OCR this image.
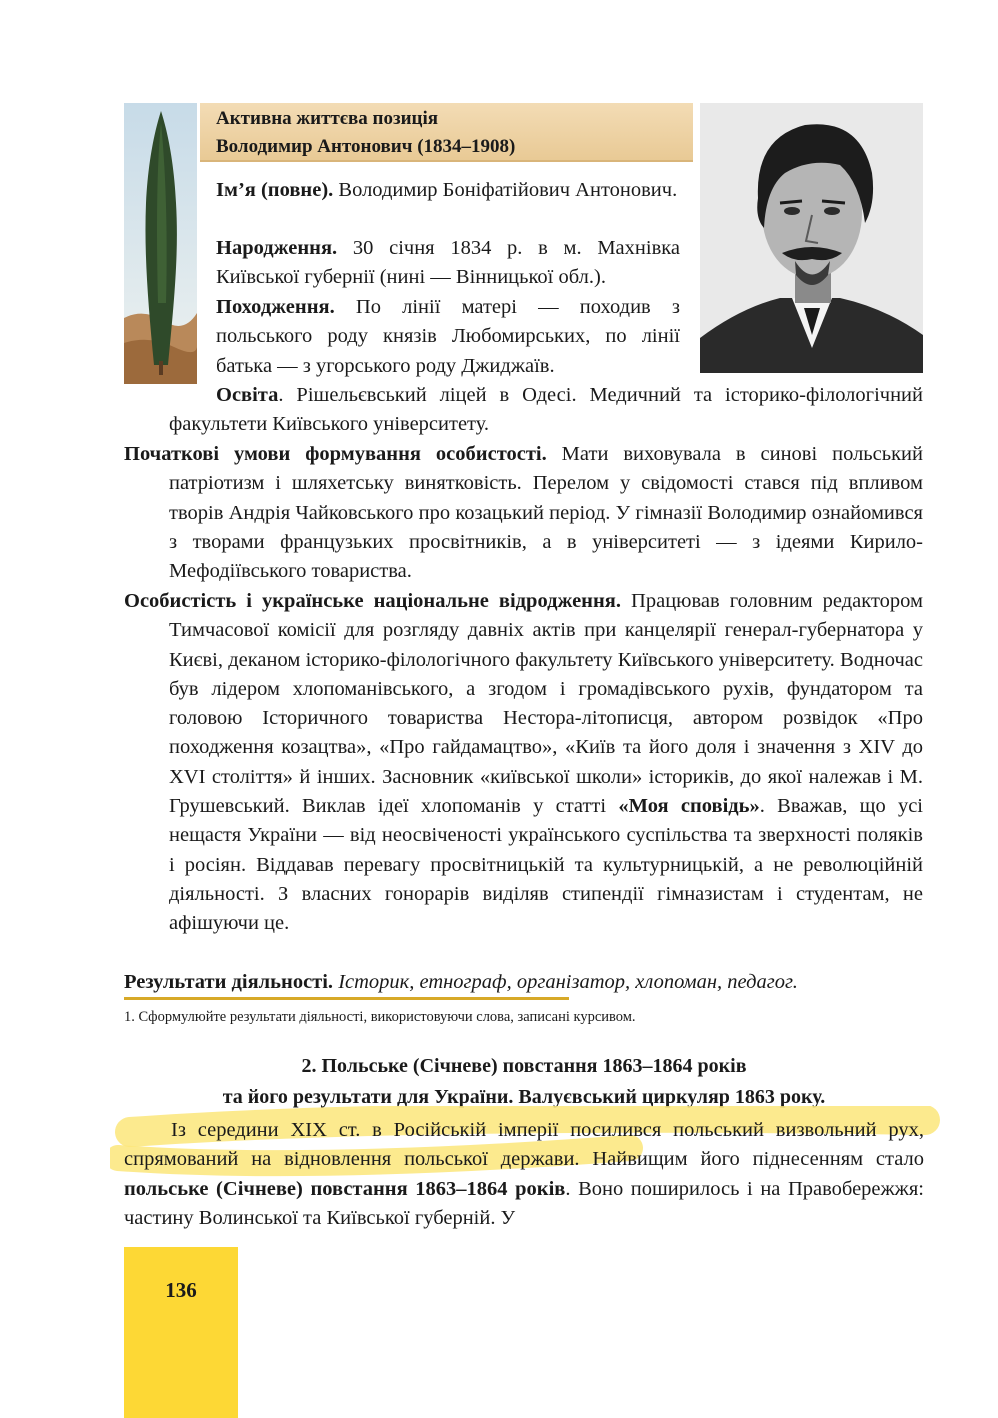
Активна життєва позиція
Володимир Антонович (1834–1908)
Ім’я (повне). Володимир Боніфатійович Антонович.
Народження. 30 січня 1834 р. в м. Махнівка Київської губернії (нині — Вінницької обл.).
Походження. По лінії матері — походив з польського роду князів Любомирських, по лінії батька — з угорського роду Джиджаїв.
Освіта. Рішельєвський ліцей в Одесі. Медичний та історико-філологічний факультети Київського університету.
Початкові умови формування особистості. Мати виховувала в синові польський патріотизм і шляхетську винятковість. Перелом у свідомості стався під впливом творів Андрія Чайковського про козацький період. У гімназії Володимир ознайомився з творами французьких просвітників, а в університеті — з ідеями Кирило-Мефодіївського товариства.
Особистість і українське національне відродження. Працював головним редактором Тимчасової комісії для розгляду давніх актів при канцелярії генерал-губернатора у Києві, деканом історико-філологічного факультету Київського університету. Водночас був лідером хлопоманівського, а згодом і громадівського рухів, фундатором та головою Історичного товариства Нестора-літописця, автором розвідок «Про походження козацтва», «Про гайдамацтво», «Київ та його доля і значення з XIV до XVI століття» й інших. Засновник «київської школи» істориків, до якої належав і М. Грушевський. Виклав ідеї хлопоманів у статті «Моя сповідь». Вважав, що усі нещастя України — від неосвіченості українського суспільства та зверхності поляків і росіян. Віддавав перевагу просвітницькій та культурницькій, а не революційній діяльності. З власних гонорарів виділяв стипендії гімназистам і студентам, не афішуючи це.
Результати діяльності. Історик, етнограф, організатор, хлопоман, педагог.
1. Сформулюйте результати діяльності, використовуючи слова, записані курсивом.
2. Польське (Січневе) повстання 1863–1864 років
та його результати для України. Валуєвський циркуляр 1863 року.
Із середини XIX ст. в Російській імперії посилився польський визвольний рух, спрямований на відновлення польської держави. Найвищим його піднесенням стало польське (Січневе) повстання 1863–1864 років. Воно поширилось і на Правобережжя: частину Волинської та Київської губерній. У
136
